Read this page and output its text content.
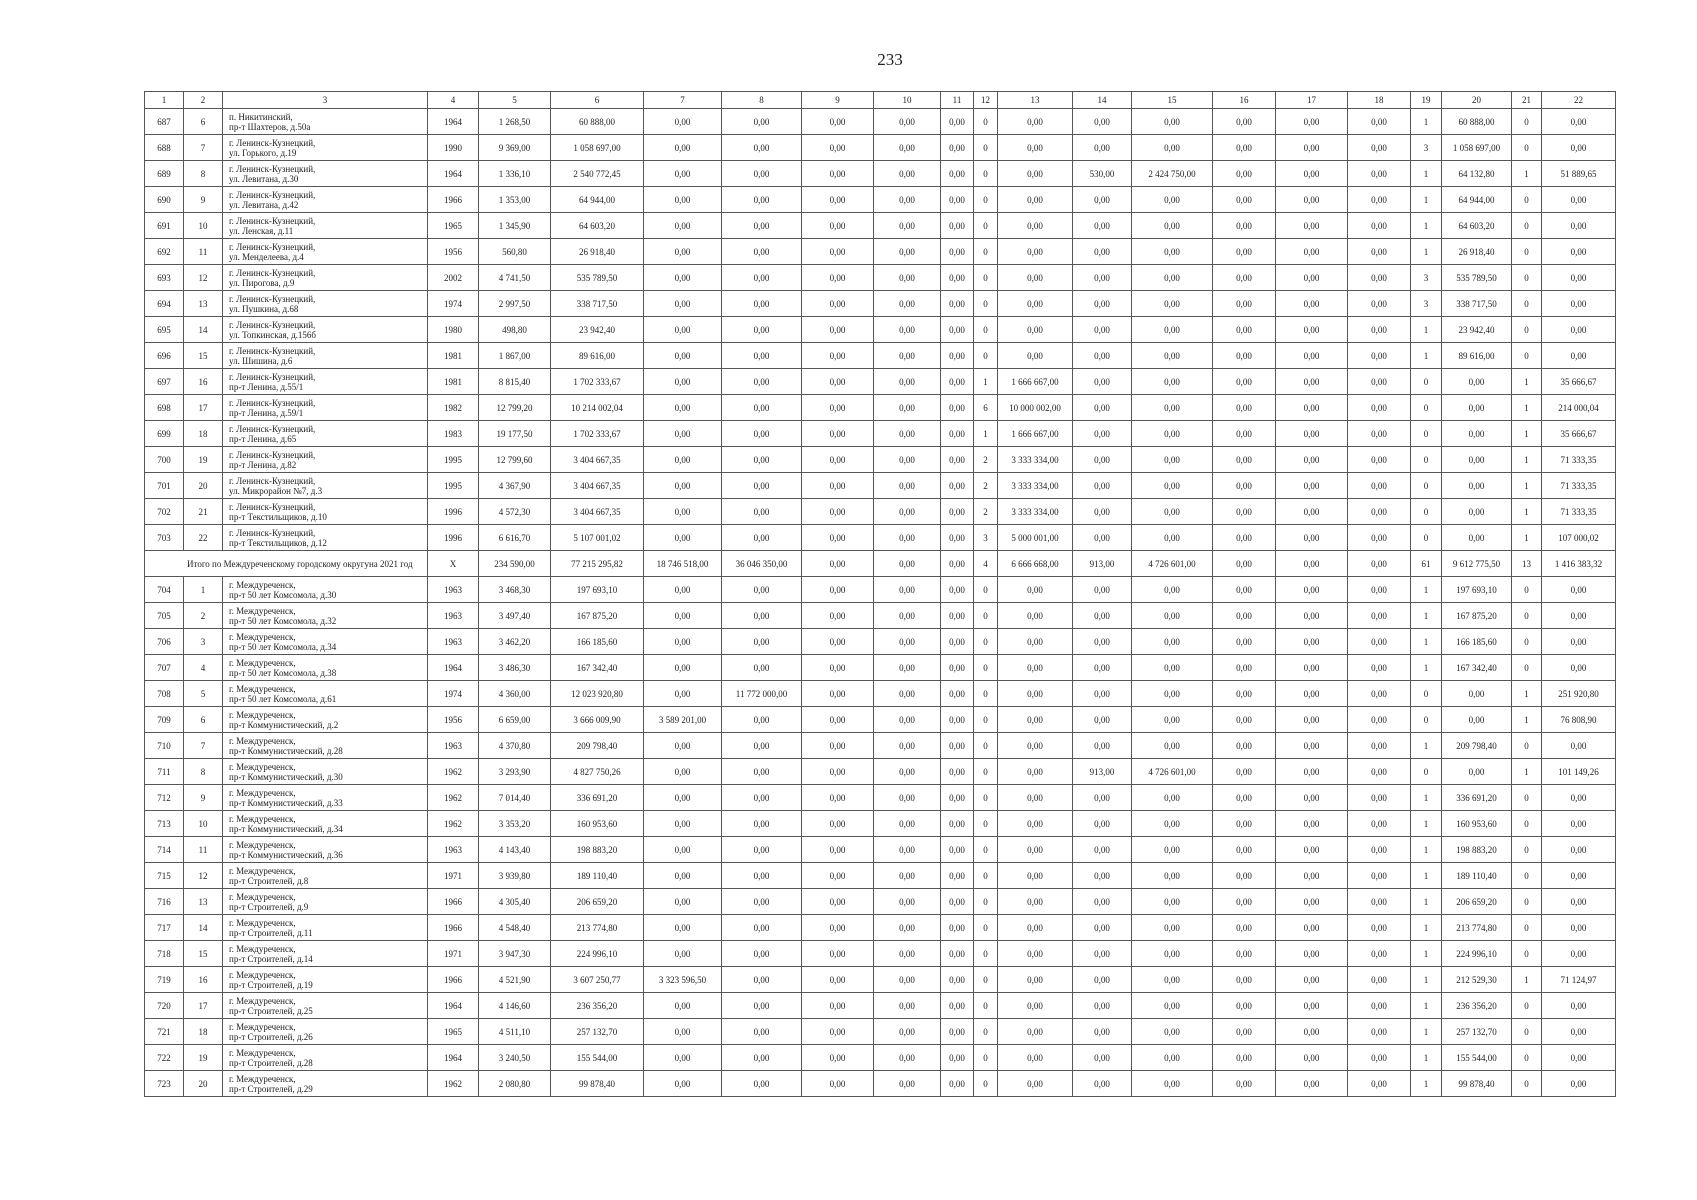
233
1	2	3	4	5	6	7	8	9	10	11	12	13	14	15	16	17	18	19	20	21	22
687	6	п. Никитинский,
пр-т Шахтеров, д.50а	1964	1 268,50	60 888,00	0,00	0,00	0,00	0,00	0,00	0	0,00	0,00	0,00	0,00	0,00	0,00	1	60 888,00	0	0,00
688	7	г. Ленинск-Кузнецкий,
ул. Горького, д.19	1990	9 369,00	1 058 697,00	0,00	0,00	0,00	0,00	0,00	0	0,00	0,00	0,00	0,00	0,00	0,00	3	1 058 697,00	0	0,00
689	8	г. Ленинск-Кузнецкий,
ул. Левитана, д.30	1964	1 336,10	2 540 772,45	0,00	0,00	0,00	0,00	0,00	0	0,00	530,00	2 424 750,00	0,00	0,00	0,00	1	64 132,80	1	51 889,65
690	9	г. Ленинск-Кузнецкий,
ул. Левитана, д.42	1966	1 353,00	64 944,00	0,00	0,00	0,00	0,00	0,00	0	0,00	0,00	0,00	0,00	0,00	0,00	1	64 944,00	0	0,00
691	10	г. Ленинск-Кузнецкий,
ул. Ленская, д.11	1965	1 345,90	64 603,20	0,00	0,00	0,00	0,00	0,00	0	0,00	0,00	0,00	0,00	0,00	0,00	1	64 603,20	0	0,00
692	11	г. Ленинск-Кузнецкий,
ул. Менделеева, д.4	1956	560,80	26 918,40	0,00	0,00	0,00	0,00	0,00	0	0,00	0,00	0,00	0,00	0,00	0,00	1	26 918,40	0	0,00
693	12	г. Ленинск-Кузнецкий,
ул. Пирогова, д.9	2002	4 741,50	535 789,50	0,00	0,00	0,00	0,00	0,00	0	0,00	0,00	0,00	0,00	0,00	0,00	3	535 789,50	0	0,00
694	13	г. Ленинск-Кузнецкий,
ул. Пушкина, д.68	1974	2 997,50	338 717,50	0,00	0,00	0,00	0,00	0,00	0	0,00	0,00	0,00	0,00	0,00	0,00	3	338 717,50	0	0,00
695	14	г. Ленинск-Кузнецкий,
ул. Топкинская, д.156б	1980	498,80	23 942,40	0,00	0,00	0,00	0,00	0,00	0	0,00	0,00	0,00	0,00	0,00	0,00	1	23 942,40	0	0,00
696	15	г. Ленинск-Кузнецкий,
ул. Шишина, д.6	1981	1 867,00	89 616,00	0,00	0,00	0,00	0,00	0,00	0	0,00	0,00	0,00	0,00	0,00	0,00	1	89 616,00	0	0,00
697	16	г. Ленинск-Кузнецкий,
пр-т Ленина, д.55/1	1981	8 815,40	1 702 333,67	0,00	0,00	0,00	0,00	0,00	1	1 666 667,00	0,00	0,00	0,00	0,00	0,00	0	0,00	1	35 666,67
698	17	г. Ленинск-Кузнецкий,
пр-т Ленина, д.59/1	1982	12 799,20	10 214 002,04	0,00	0,00	0,00	0,00	0,00	6	10 000 002,00	0,00	0,00	0,00	0,00	0,00	0	0,00	1	214 000,04
699	18	г. Ленинск-Кузнецкий,
пр-т Ленина, д.65	1983	19 177,50	1 702 333,67	0,00	0,00	0,00	0,00	0,00	1	1 666 667,00	0,00	0,00	0,00	0,00	0,00	0	0,00	1	35 666,67
700	19	г. Ленинск-Кузнецкий,
пр-т Ленина, д.82	1995	12 799,60	3 404 667,35	0,00	0,00	0,00	0,00	0,00	2	3 333 334,00	0,00	0,00	0,00	0,00	0,00	0	0,00	1	71 333,35
701	20	г. Ленинск-Кузнецкий,
ул. Микрорайон №7, д.3	1995	4 367,90	3 404 667,35	0,00	0,00	0,00	0,00	0,00	2	3 333 334,00	0,00	0,00	0,00	0,00	0,00	0	0,00	1	71 333,35
702	21	г. Ленинск-Кузнецкий,
пр-т Текстильщиков, д.10	1996	4 572,30	3 404 667,35	0,00	0,00	0,00	0,00	0,00	2	3 333 334,00	0,00	0,00	0,00	0,00	0,00	0	0,00	1	71 333,35
703	22	г. Ленинск-Кузнецкий,
пр-т Текстильщиков, д.12	1996	6 616,70	5 107 001,02	0,00	0,00	0,00	0,00	0,00	3	5 000 001,00	0,00	0,00	0,00	0,00	0,00	0	0,00	1	107 000,02
Итого по Междуреченскому городскому округуна 2021 год			X	234 590,00	77 215 295,82	18 746 518,00	36 046 350,00	0,00	0,00	0,00	4	6 666 668,00	913,00	4 726 601,00	0,00	0,00	0,00	61	9 612 775,50	13	1 416 383,32
704	1	г. Междуреченск,
пр-т 50 лет Комсомола, д.30	1963	3 468,30	197 693,10	0,00	0,00	0,00	0,00	0,00	0	0,00	0,00	0,00	0,00	0,00	0,00	1	197 693,10	0	0,00
705	2	г. Междуреченск,
пр-т 50 лет Комсомола, д.32	1963	3 497,40	167 875,20	0,00	0,00	0,00	0,00	0,00	0	0,00	0,00	0,00	0,00	0,00	0,00	1	167 875,20	0	0,00
706	3	г. Междуреченск,
пр-т 50 лет Комсомола, д.34	1963	3 462,20	166 185,60	0,00	0,00	0,00	0,00	0,00	0	0,00	0,00	0,00	0,00	0,00	0,00	1	166 185,60	0	0,00
707	4	г. Междуреченск,
пр-т 50 лет Комсомола, д.38	1964	3 486,30	167 342,40	0,00	0,00	0,00	0,00	0,00	0	0,00	0,00	0,00	0,00	0,00	0,00	1	167 342,40	0	0,00
708	5	г. Междуреченск,
пр-т 50 лет Комсомола, д.61	1974	4 360,00	12 023 920,80	0,00	11 772 000,00	0,00	0,00	0,00	0	0,00	0,00	0,00	0,00	0,00	0,00	0	0,00	1	251 920,80
709	6	г. Междуреченск,
пр-т Коммунистический, д.2	1956	6 659,00	3 666 009,90	3 589 201,00	0,00	0,00	0,00	0,00	0	0,00	0,00	0,00	0,00	0,00	0,00	0	0,00	1	76 808,90
710	7	г. Междуреченск,
пр-т Коммунистический, д.28	1963	4 370,80	209 798,40	0,00	0,00	0,00	0,00	0,00	0	0,00	0,00	0,00	0,00	0,00	0,00	1	209 798,40	0	0,00
711	8	г. Междуреченск,
пр-т Коммунистический, д.30	1962	3 293,90	4 827 750,26	0,00	0,00	0,00	0,00	0,00	0	0,00	913,00	4 726 601,00	0,00	0,00	0,00	0	0,00	1	101 149,26
712	9	г. Междуреченск,
пр-т Коммунистический, д.33	1962	7 014,40	336 691,20	0,00	0,00	0,00	0,00	0,00	0	0,00	0,00	0,00	0,00	0,00	0,00	1	336 691,20	0	0,00
713	10	г. Междуреченск,
пр-т Коммунистический, д.34	1962	3 353,20	160 953,60	0,00	0,00	0,00	0,00	0,00	0	0,00	0,00	0,00	0,00	0,00	0,00	1	160 953,60	0	0,00
714	11	г. Междуреченск,
пр-т Коммунистический, д.36	1963	4 143,40	198 883,20	0,00	0,00	0,00	0,00	0,00	0	0,00	0,00	0,00	0,00	0,00	0,00	1	198 883,20	0	0,00
715	12	г. Междуреченск,
пр-т Строителей, д.8	1971	3 939,80	189 110,40	0,00	0,00	0,00	0,00	0,00	0	0,00	0,00	0,00	0,00	0,00	0,00	1	189 110,40	0	0,00
716	13	г. Междуреченск,
пр-т Строителей, д.9	1966	4 305,40	206 659,20	0,00	0,00	0,00	0,00	0,00	0	0,00	0,00	0,00	0,00	0,00	0,00	1	206 659,20	0	0,00
717	14	г. Междуреченск,
пр-т Строителей, д.11	1966	4 548,40	213 774,80	0,00	0,00	0,00	0,00	0,00	0	0,00	0,00	0,00	0,00	0,00	0,00	1	213 774,80	0	0,00
718	15	г. Междуреченск,
пр-т Строителей, д.14	1971	3 947,30	224 996,10	0,00	0,00	0,00	0,00	0,00	0	0,00	0,00	0,00	0,00	0,00	0,00	1	224 996,10	0	0,00
719	16	г. Междуреченск,
пр-т Строителей, д.19	1966	4 521,90	3 607 250,77	3 323 596,50	0,00	0,00	0,00	0,00	0	0,00	0,00	0,00	0,00	0,00	0,00	1	212 529,30	1	71 124,97
720	17	г. Междуреченск,
пр-т Строителей, д.25	1964	4 146,60	236 356,20	0,00	0,00	0,00	0,00	0,00	0	0,00	0,00	0,00	0,00	0,00	0,00	1	236 356,20	0	0,00
721	18	г. Междуреченск,
пр-т Строителей, д.26	1965	4 511,10	257 132,70	0,00	0,00	0,00	0,00	0,00	0	0,00	0,00	0,00	0,00	0,00	0,00	1	257 132,70	0	0,00
722	19	г. Междуреченск,
пр-т Строителей, д.28	1964	3 240,50	155 544,00	0,00	0,00	0,00	0,00	0,00	0	0,00	0,00	0,00	0,00	0,00	0,00	1	155 544,00	0	0,00
723	20	г. Междуреченск,
пр-т Строителей, д.29	1962	2 080,80	99 878,40	0,00	0,00	0,00	0,00	0,00	0	0,00	0,00	0,00	0,00	0,00	0,00	1	99 878,40	0	0,00
